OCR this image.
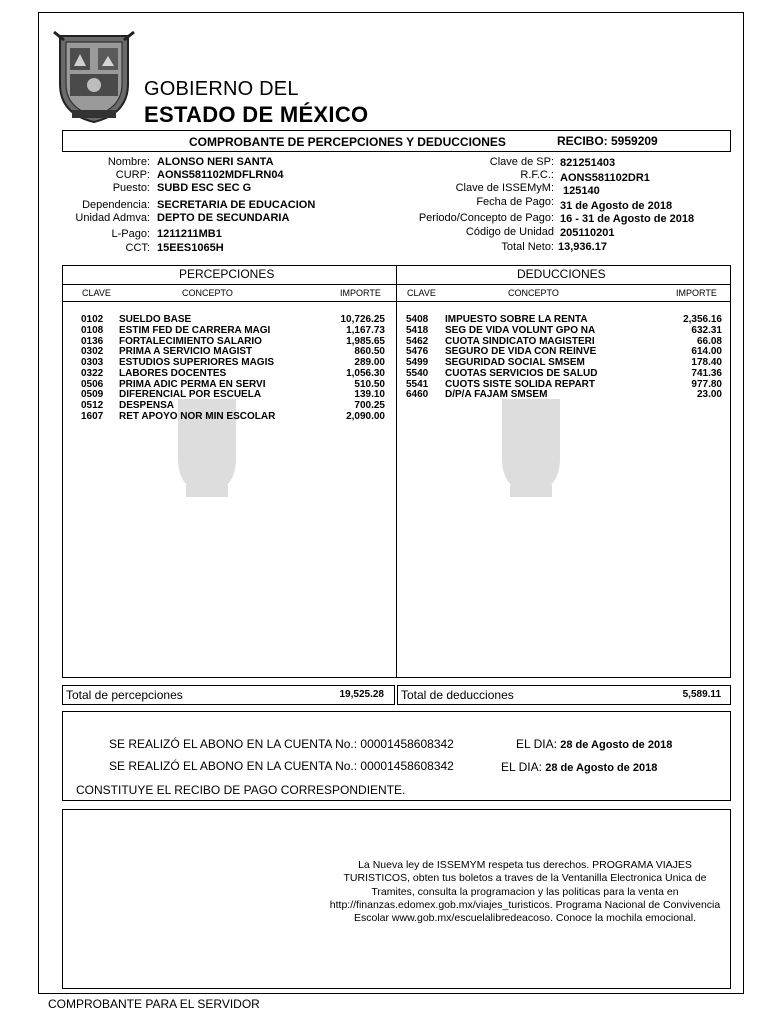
GOBIERNO DEL
ESTADO DE MÉXICO
COMPROBANTE DE PERCEPCIONES Y DEDUCCIONES	RECIBO: 5959209
Nombre: ALONSO NERI SANTA
CURP: AONS581102MDFLRN04
Puesto: SUBD ESC SEC G
Dependencia: SECRETARIA DE EDUCACION
Unidad Admva: DEPTO DE SECUNDARIA
L-Pago: 1211211MB1
CCT: 15EES1065H
Clave de SP: 821251403
R.F.C.: AONS581102DR1
Clave de ISSEMyM: 125140
Fecha de Pago: 31 de Agosto de 2018
Periodo/Concepto de Pago: 16 - 31 de Agosto de 2018
Código de Unidad 205110201
Total Neto: 13,936.17
PERCEPCIONES	DEDUCCIONES
CLAVE	CONCEPTO	IMPORTE	CLAVE	CONCEPTO	IMPORTE
0102 SUELDO BASE	10,726.25
0108 ESTIM FED DE CARRERA MAGI	1,167.73
0136 FORTALECIMIENTO SALARIO	1,985.65
0302 PRIMA A SERVICIO MAGIST	860.50
0303 ESTUDIOS SUPERIORES MAGIS	289.00
0322 LABORES DOCENTES	1,056.30
0506 PRIMA ADIC PERMA EN SERVI	510.50
0509 DIFERENCIAL POR ESCUELA	139.10
0512 DESPENSA	700.25
1607 RET APOYO NOR MIN ESCOLAR	2,090.00
5408 IMPUESTO SOBRE LA RENTA	2,356.16
5418 SEG DE VIDA VOLUNT GPO NA	632.31
5462 CUOTA SINDICATO MAGISTERI	66.08
5476 SEGURO DE VIDA CON REINVE	614.00
5499 SEGURIDAD SOCIAL SMSEM	178.40
5540 CUOTAS SERVICIOS DE SALUD	741.36
5541 CUOTS SISTE SOLIDA REPART	977.80
6460 D/P/A FAJAM SMSEM	23.00
Total de percepciones	19,525.28 Total de deducciones	5,589.11
SE REALIZÓ EL ABONO EN LA CUENTA No.: 00001458608342	EL DIA: 28 de Agosto de 2018
SE REALIZÓ EL ABONO EN LA CUENTA No.: 00001458608342	EL DIA: 28 de Agosto de 2018
CONSTITUYE EL RECIBO DE PAGO CORRESPONDIENTE.
La Nueva ley de ISSEMYM respeta tus derechos. PROGRAMA VIAJES TURISTICOS, obten tus boletos a traves de la Ventanilla Electronica Unica de Tramites, consulta la programacion y las politicas para la venta en http://finanzas.edomex.gob.mx/viajes_turisticos. Programa Nacional de Convivencia Escolar www.gob.mx/escuelalibredeacoso. Conoce la mochila emocional.
COMPROBANTE PARA EL SERVIDOR
